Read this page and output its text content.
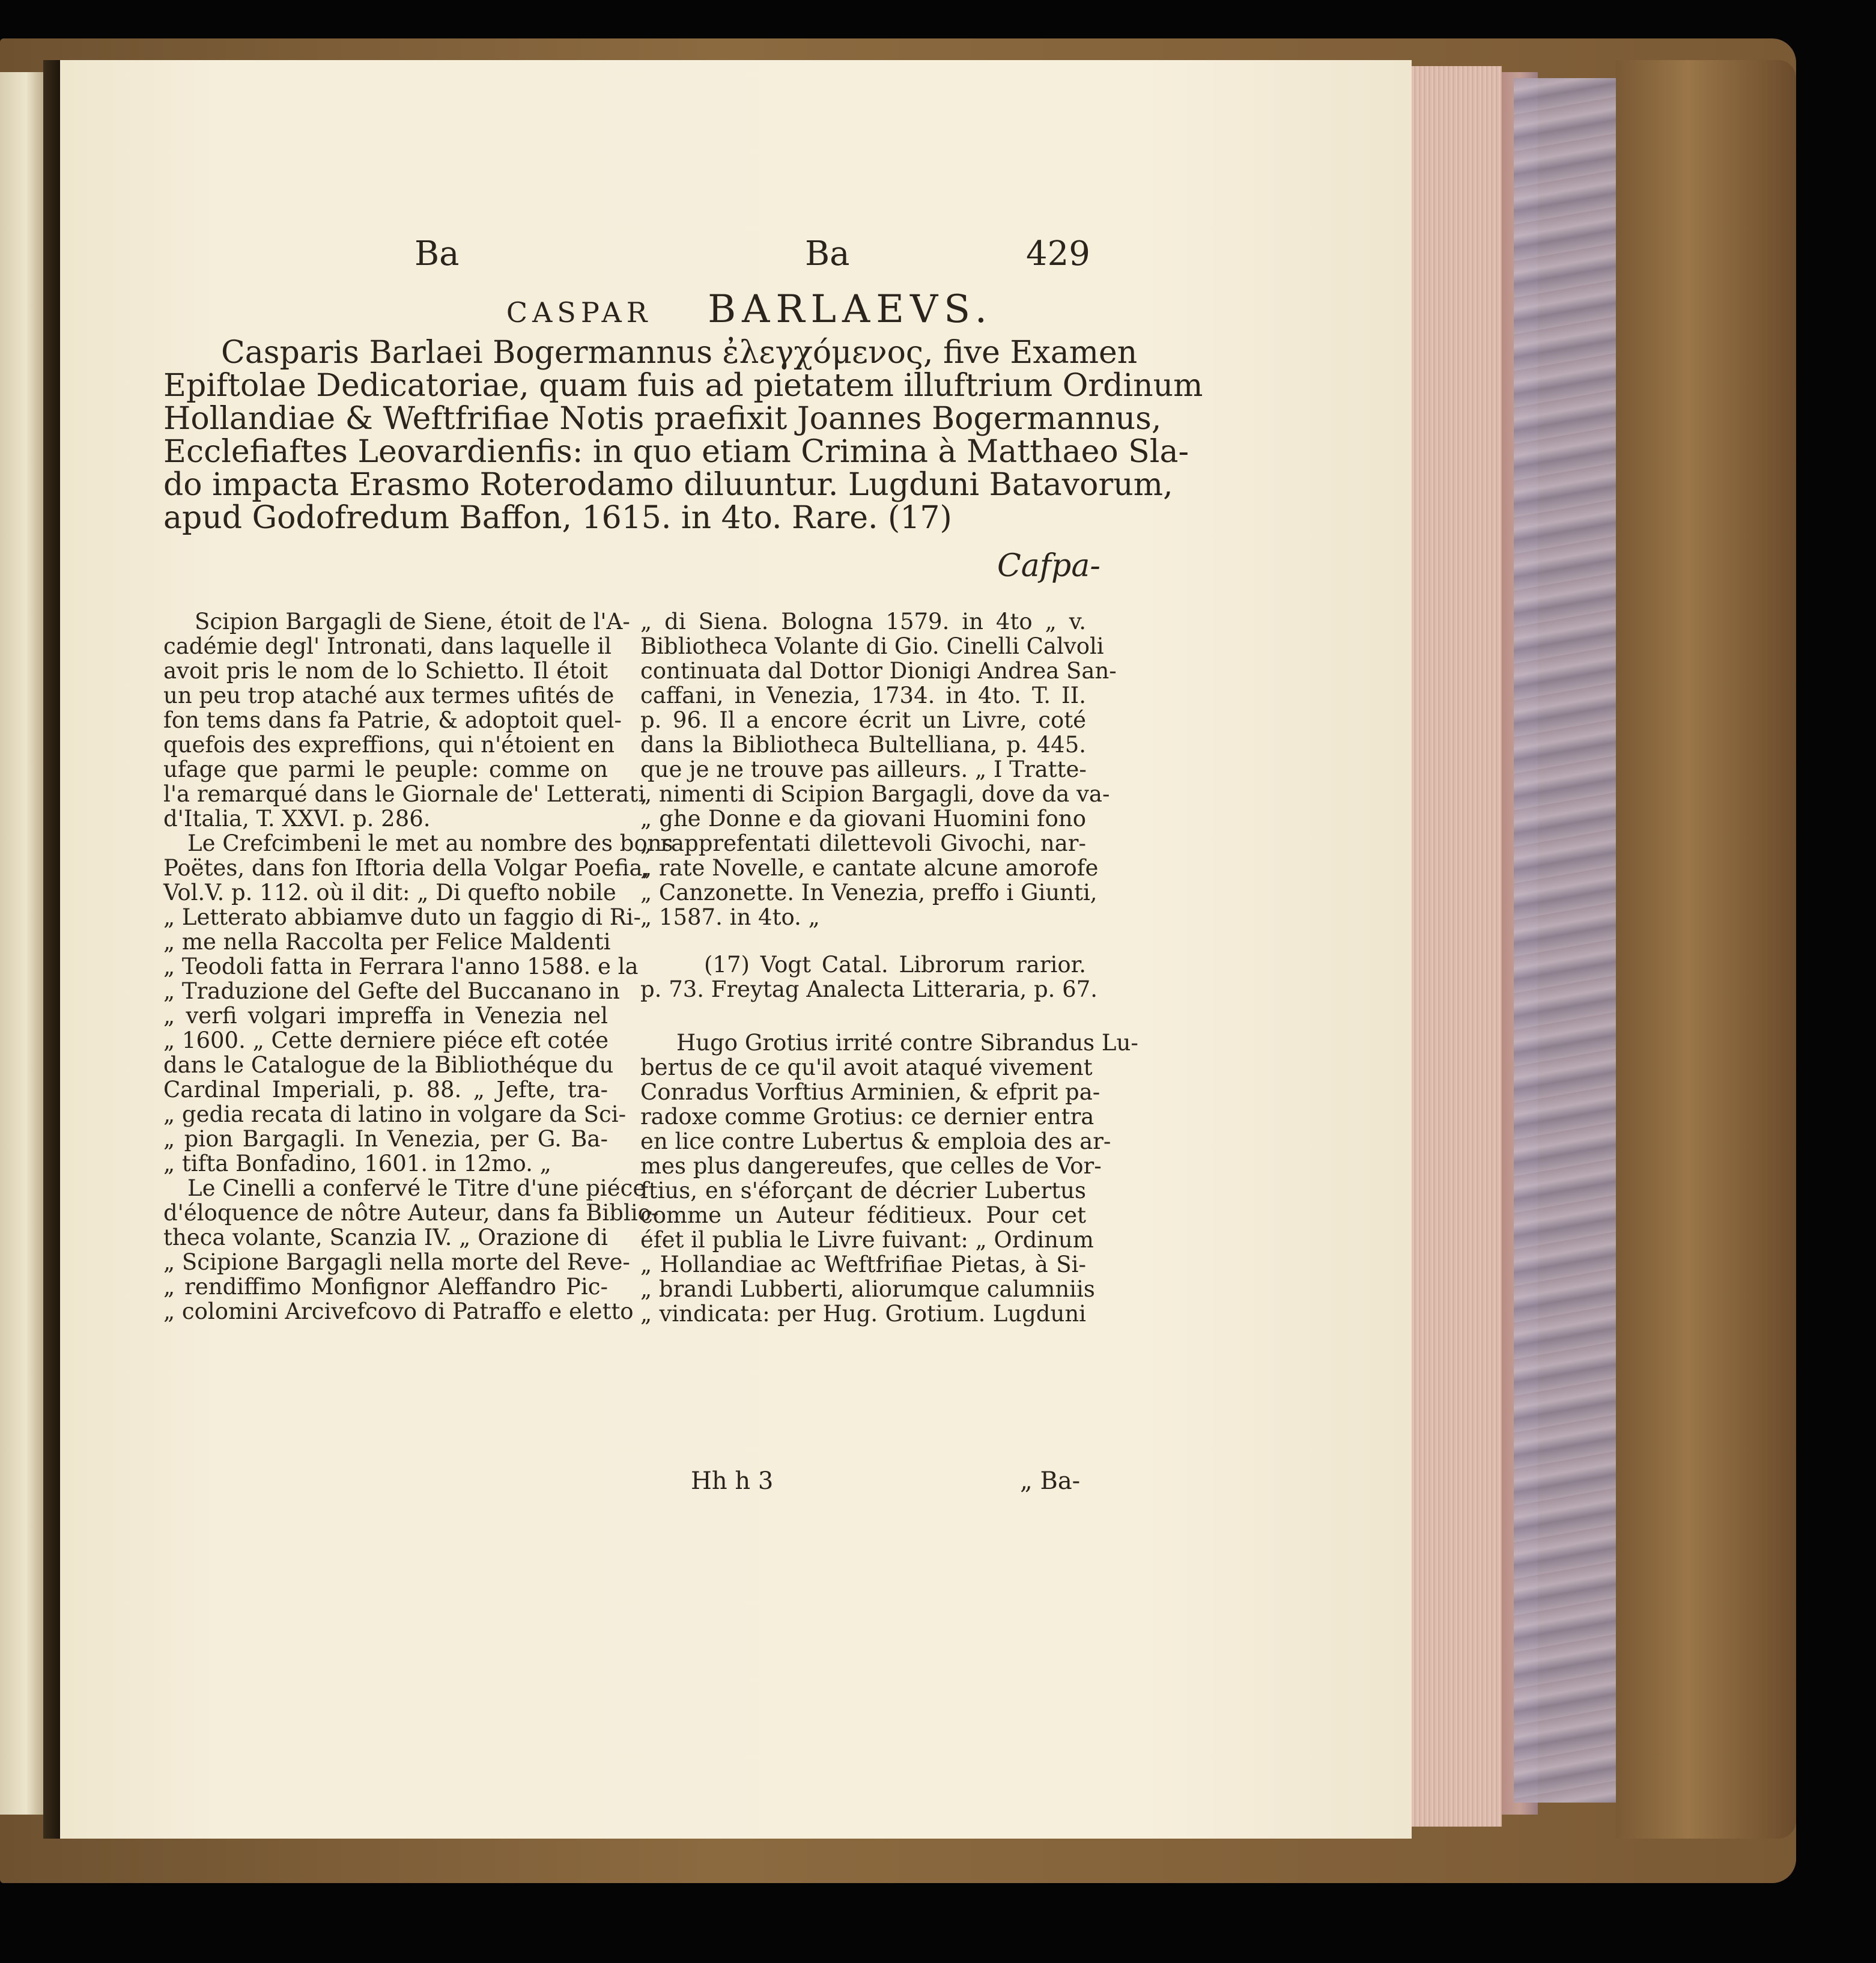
Ba	Ba	429
CASPAR BARLAEVS.
Casparis Barlaei Bogermannus ἐλεγχόμενος, five Examen
Epiftolae Dedicatoriae, quam fuis ad pietatem illuftrium Ordinum
Hollandiae & Weftfrifiae Notis praefixit Joannes Bogermannus,
Ecclefiaftes Leovardienfis: in quo etiam Crimina à Matthaeo Sla-
do impacta Erasmo Roterodamo diluuntur. Lugduni Batavorum,
apud Godofredum Baffon, 1615. in 4to. Rare. (17)
Cafpa-
Scipion Bargagli de Siene, étoit de l'A-
cadémie degl' Intronati, dans laquelle il
avoit pris le nom de lo Schietto. Il étoit
un peu trop ataché aux termes ufités de
fon tems dans fa Patrie, & adoptoit quel-
quefois des expreffions, qui n'étoient en
ufage que parmi le peuple: comme on
l'a remarqué dans le Giornale de' Letterati
d'Italia, T. XXVI. p. 286.
Le Crefcimbeni le met au nombre des bons
Poëtes, dans fon Iftoria della Volgar Poefia,
Vol.V. p. 112. où il dit: „ Di quefto nobile
„ Letterato abbiamve duto un faggio di Ri-
„ me nella Raccolta per Felice Maldenti
„ Teodoli fatta in Ferrara l'anno 1588. e la
„ Traduzione del Gefte del Buccanano in
„ verfi volgari impreffa in Venezia nel
„ 1600. „ Cette derniere piéce eft cotée
dans le Catalogue de la Bibliothéque du
Cardinal Imperiali, p. 88. „ Jefte, tra-
„ gedia recata di latino in volgare da Sci-
„ pion Bargagli. In Venezia, per G. Ba-
„ tifta Bonfadino, 1601. in 12mo. „
Le Cinelli a confervé le Titre d'une piéce
d'éloquence de nôtre Auteur, dans fa Biblio-
theca volante, Scanzia IV. „ Orazione di
„ Scipione Bargagli nella morte del Reve-
„ rendiffimo Monfignor Aleffandro Pic-
„ colomini Arcivefcovo di Patraffo e eletto
„ di Siena. Bologna 1579. in 4to „ v.
Bibliotheca Volante di Gio. Cinelli Calvoli
continuata dal Dottor Dionigi Andrea San-
caffani, in Venezia, 1734. in 4to. T. II.
p. 96. Il a encore écrit un Livre, coté
dans la Bibliotheca Bultelliana, p. 445.
que je ne trouve pas ailleurs. „ I Tratte-
„ nimenti di Scipion Bargagli, dove da va-
„ ghe Donne e da giovani Huomini fono
„ rapprefentati dilettevoli Givochi, nar-
„ rate Novelle, e cantate alcune amorofe
„ Canzonette. In Venezia, preffo i Giunti,
„ 1587. in 4to. „
(17) Vogt Catal. Librorum rarior.
p. 73. Freytag Analecta Litteraria, p. 67.
Hugo Grotius irrité contre Sibrandus Lu-
bertus de ce qu'il avoit ataqué vivement
Conradus Vorftius Arminien, & efprit pa-
radoxe comme Grotius: ce dernier entra
en lice contre Lubertus & emploia des ar-
mes plus dangereufes, que celles de Vor-
ftius, en s'éforçant de décrier Lubertus
comme un Auteur féditieux. Pour cet
éfet il publia le Livre fuivant: „ Ordinum
„ Hollandiae ac Weftfrifiae Pietas, à Si-
„ brandi Lubberti, aliorumque calumniis
„ vindicata: per Hug. Grotium. Lugduni
Hh h 3	„ Ba-
